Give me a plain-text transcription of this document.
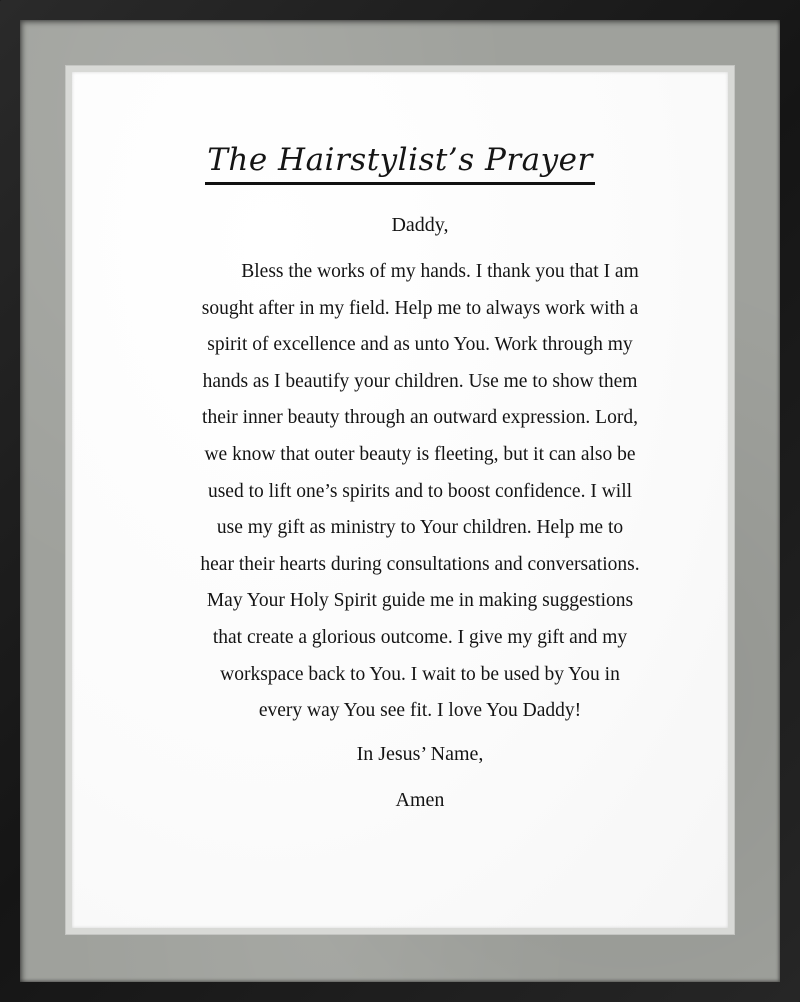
The Hairstylist’s Prayer
Daddy,
Bless the works of my hands. I thank you that I am
sought after in my field. Help me to always work with a
spirit of excellence and as unto You. Work through my
hands as I beautify your children. Use me to show them
their inner beauty through an outward expression. Lord,
we know that outer beauty is fleeting, but it can also be
used to lift one’s spirits and to boost confidence. I will
use my gift as ministry to Your children. Help me to
hear their hearts during consultations and conversations.
May Your Holy Spirit guide me in making suggestions
that create a glorious outcome. I give my gift and my
workspace back to You. I wait to be used by You in
every way You see fit. I love You Daddy!
In Jesus’ Name,
Amen
